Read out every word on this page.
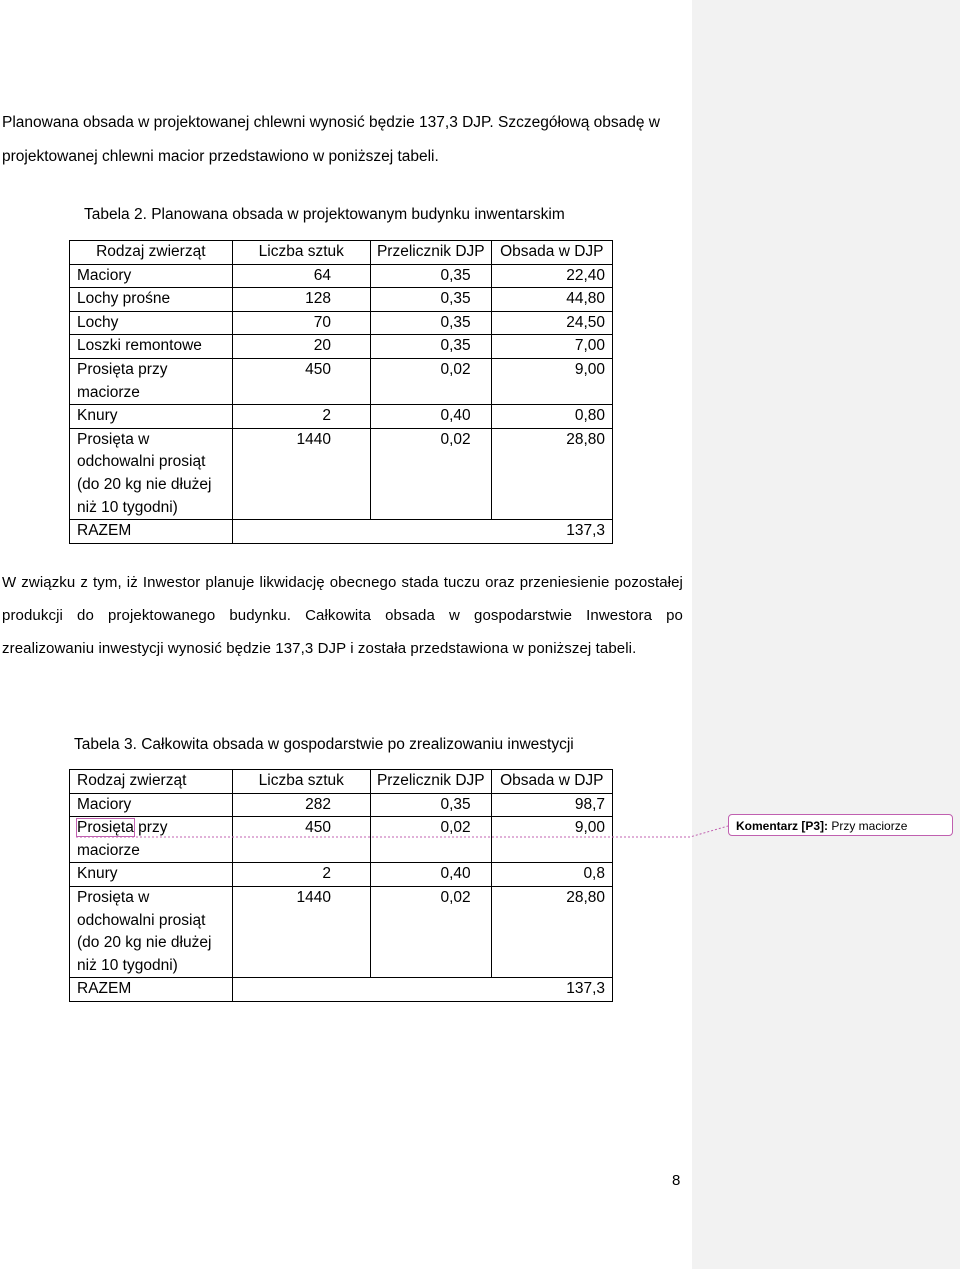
Planowana obsada w projektowanej chlewni wynosić będzie 137,3 DJP. Szczegółową obsadę w projektowanej chlewni macior przedstawiono w poniższej tabeli.

Tabela 2. Planowana obsada w projektowanym budynku inwentarskim

Rodzaj zwierząt	Liczba sztuk	Przelicznik DJP	Obsada w DJP
Maciory	64	0,35	22,40
Lochy prośne	128	0,35	44,80
Lochy	70	0,35	24,50
Loszki remontowe	20	0,35	7,00
Prosięta przy maciorze	450	0,02	9,00
Knury	2	0,40	0,80
Prosięta w odchowalni prosiąt (do 20 kg nie dłużej niż 10 tygodni)	1440	0,02	28,80
RAZEM	137,3		

W związku z tym, iż Inwestor planuje likwidację obecnego stada tuczu oraz przeniesienie pozostałej produkcji do projektowanego budynku. Całkowita obsada w gospodarstwie Inwestora po zrealizowaniu inwestycji wynosić będzie 137,3 DJP i została przedstawiona w poniższej tabeli.

Tabela 3. Całkowita obsada w gospodarstwie po zrealizowaniu inwestycji

Rodzaj zwierząt	Liczba sztuk	Przelicznik DJP	Obsada w DJP
Maciory	282	0,35	98,7
Prosięta przy maciorze	450	0,02	9,00
Knury	2	0,40	0,8
Prosięta w odchowalni prosiąt (do 20 kg nie dłużej niż 10 tygodni)	1440	0,02	28,80
RAZEM	137,3		
Komentarz [P3]: Przy maciorze
8
